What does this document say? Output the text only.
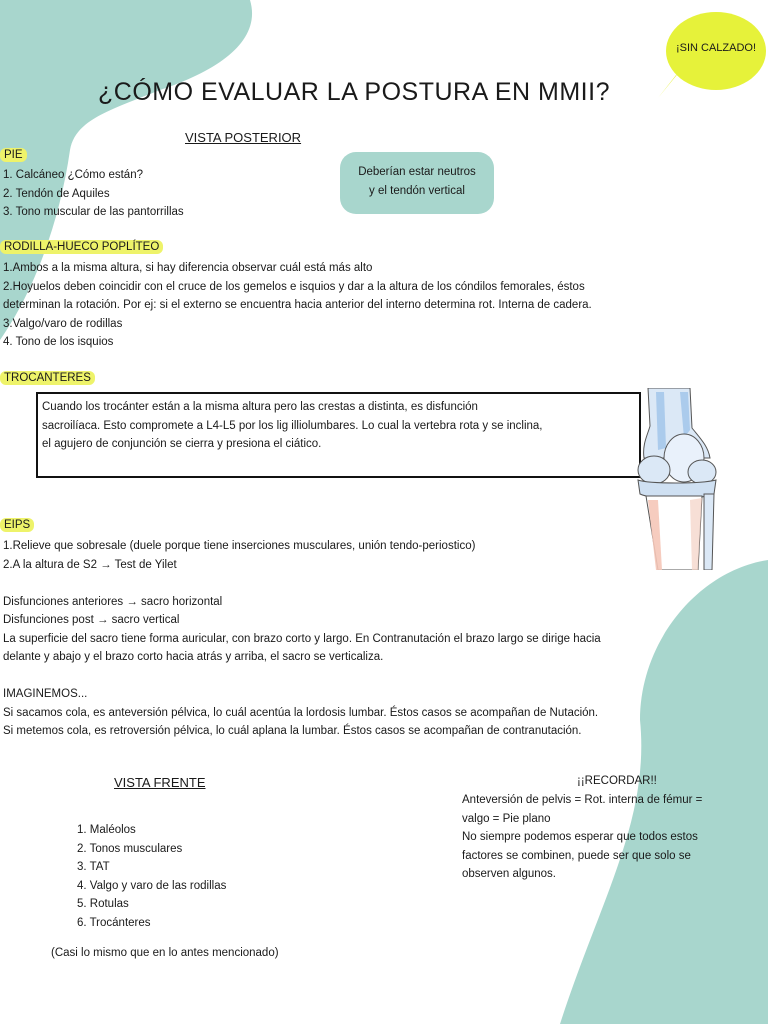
¡SIN CALZADO!
¿CÓMO EVALUAR LA POSTURA EN MMII?
VISTA POSTERIOR
Deberían estar neutros
y el tendón vertical
PIE
1. Calcáneo ¿Cómo están?
2. Tendón de Aquiles
3. Tono muscular de las pantorrillas
RODILLA-HUECO POPLÍTEO
1.Ambos a la misma altura, si hay diferencia observar cuál está más alto
2.Hoyuelos deben coincidir con el cruce de los gemelos e isquios y dar a la altura de los cóndilos femorales, éstos
determinan la rotación. Por ej: si el externo se encuentra hacia anterior del interno determina rot. Interna de cadera.
3.Valgo/varo de rodillas
4. Tono de los isquios
TROCANTERES
Cuando los trocánter están a la misma altura pero las crestas a distinta, es disfunción
sacroilíaca. Esto compromete a L4-L5 por los lig illiolumbares. Lo cual la vertebra rota y se inclina,
el agujero de conjunción se cierra y presiona el ciático.
EIPS
1.Relieve que sobresale (duele porque tiene inserciones musculares, unión tendo-periostico)
2.A la altura de S2 → Test de Yilet
Disfunciones anteriores → sacro horizontal
Disfunciones post → sacro vertical
La superficie del sacro tiene forma auricular, con brazo corto y largo. En Contranutación el brazo largo se dirige hacia
delante y abajo y el brazo corto hacia atrás y arriba, el sacro se verticaliza.
IMAGINEMOS...
Si sacamos cola, es anteversión pélvica, lo cuál acentúa la lordosis lumbar. Éstos casos se acompañan de Nutación.
Si metemos cola, es retroversión pélvica, lo cuál aplana la lumbar. Éstos casos se acompañan de contranutación.
VISTA FRENTE
1. Maléolos
2. Tonos musculares
3. TAT
4. Valgo y varo de las rodillas
5. Rotulas
6. Trocánteres
(Casi lo mismo que en lo antes mencionado)
¡¡RECORDAR!!
Anteversión de pelvis = Rot. interna de fémur =
valgo = Pie plano
No siempre podemos esperar que todos estos
factores se combinen, puede ser que solo se
observen algunos.
